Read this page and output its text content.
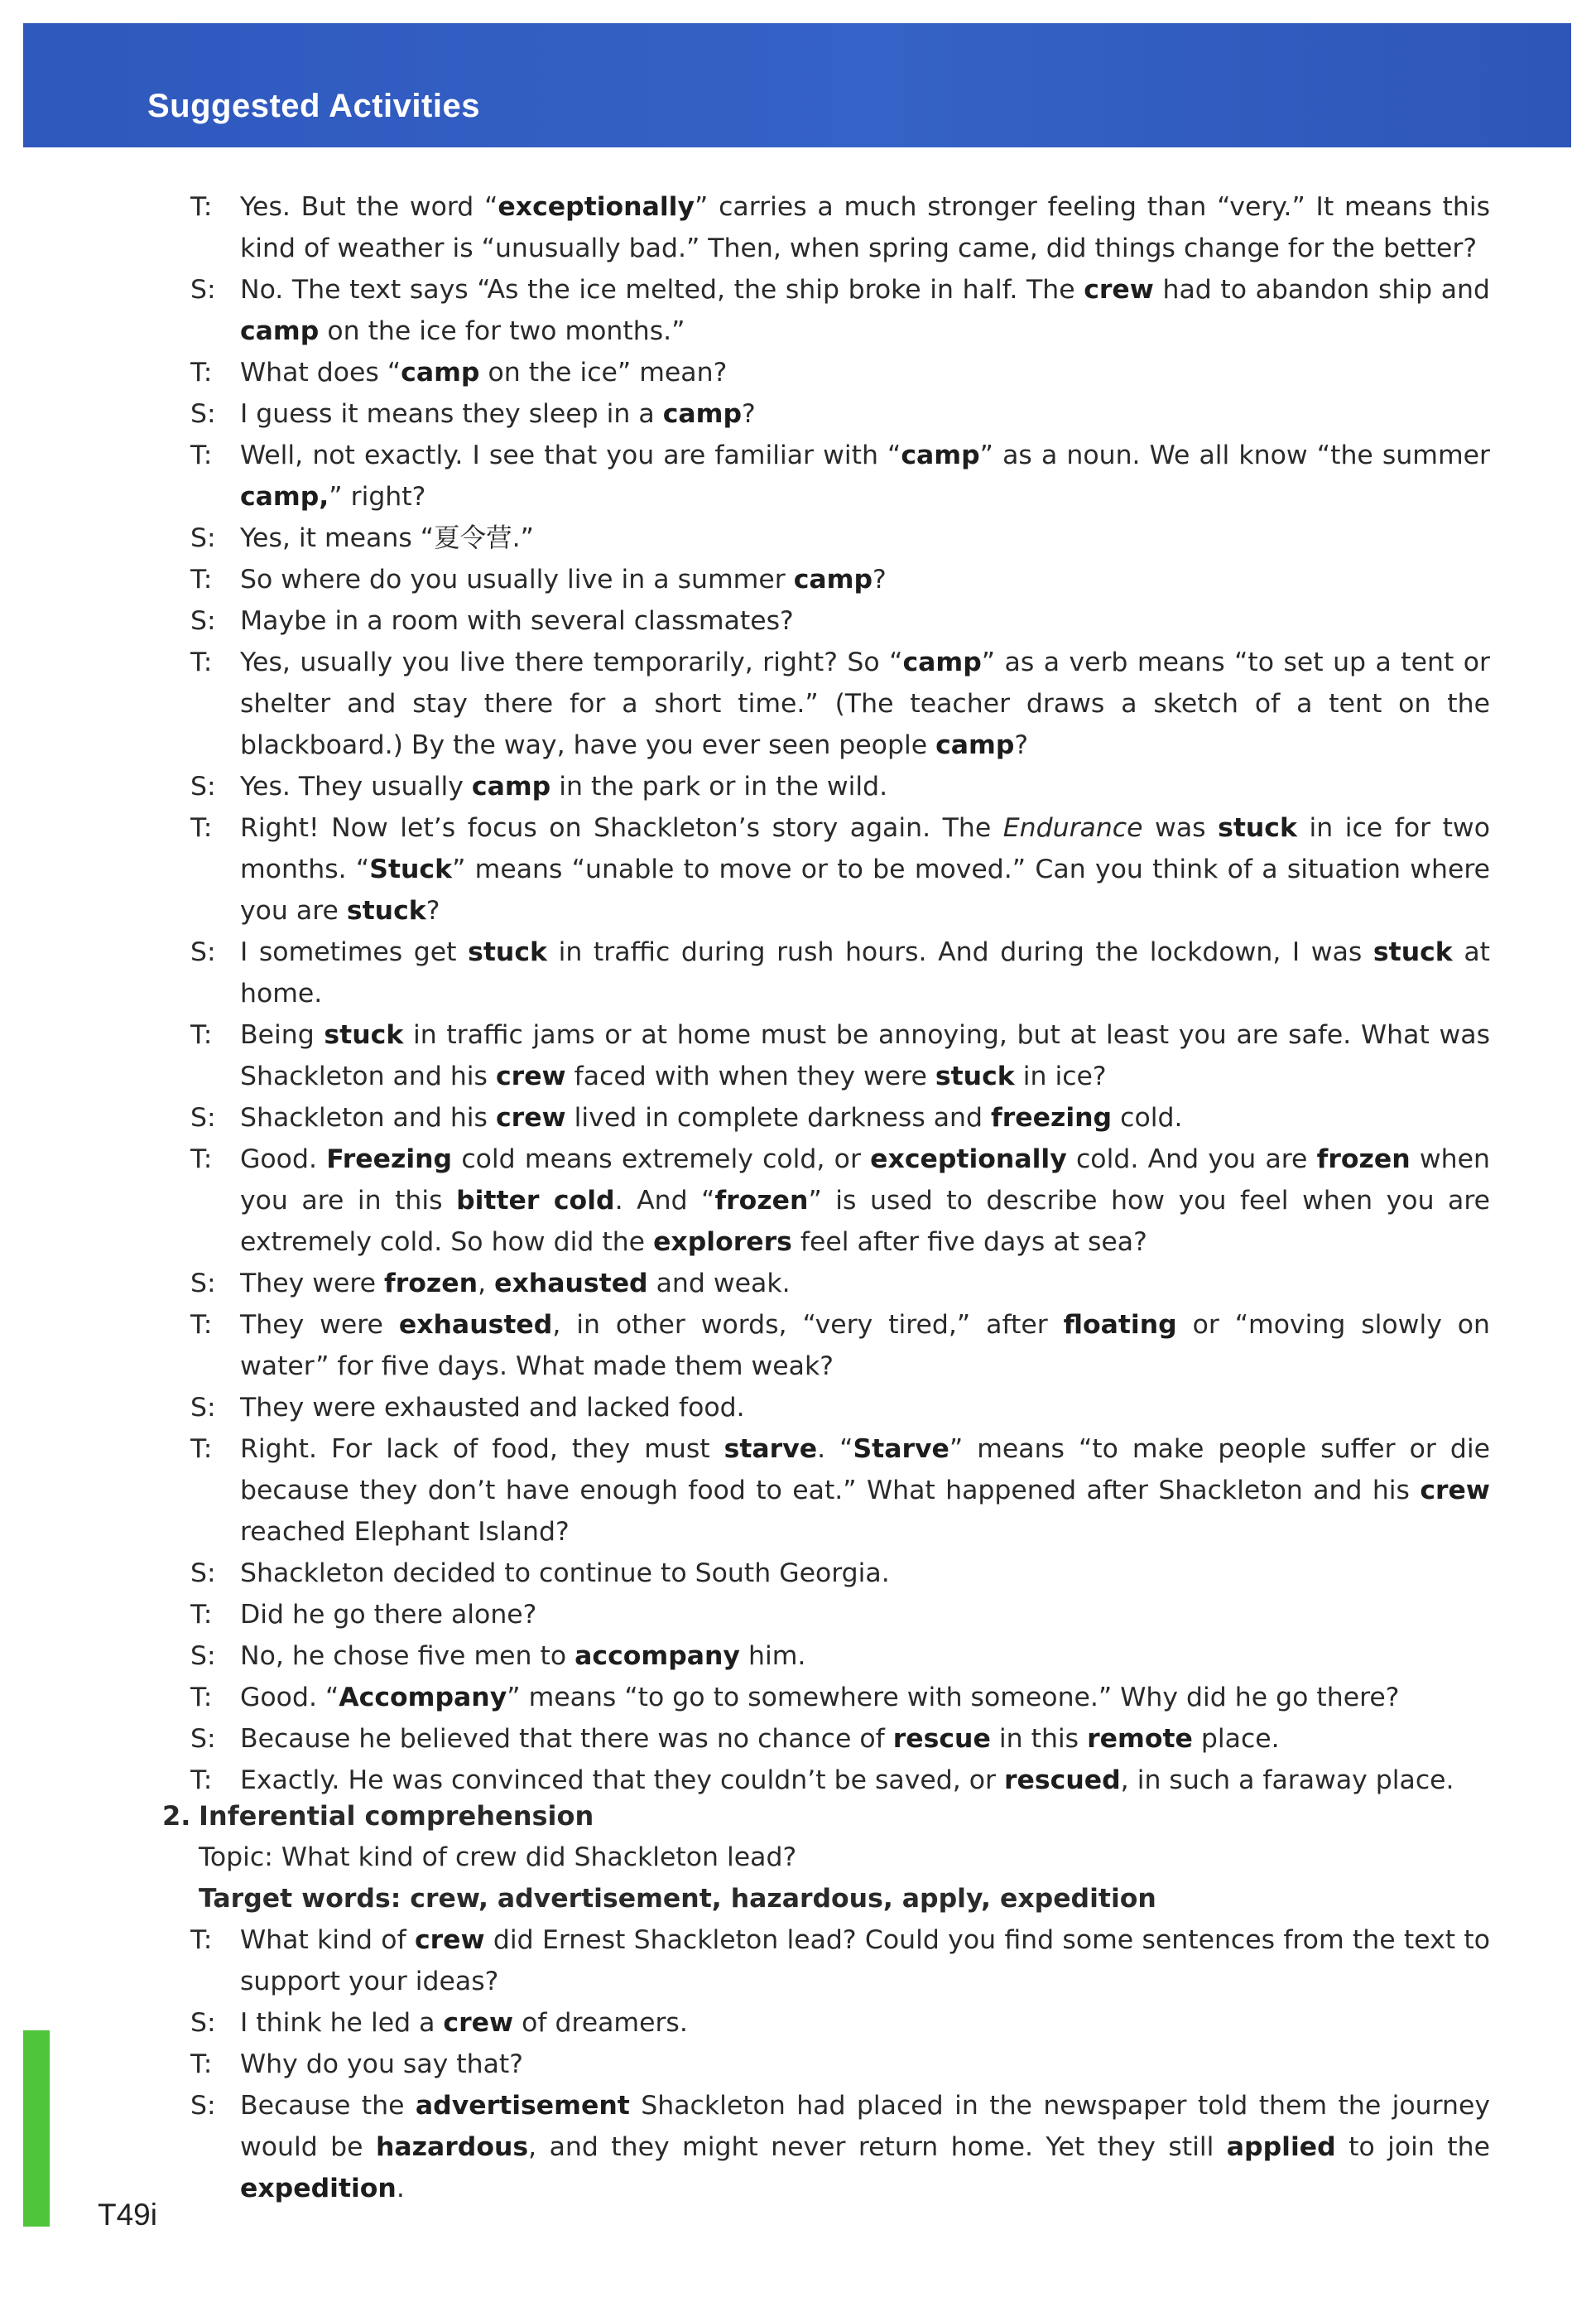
Suggested Activities
T: Yes. But the word “exceptionally” carries a much stronger feeling than “very.” It means this kind of weather is “unusually bad.” Then, when spring came, did things change for the better?
S: No. The text says “As the ice melted, the ship broke in half. The crew had to abandon ship and camp on the ice for two months.”
T: What does “camp on the ice” mean?
S: I guess it means they sleep in a camp?
T: Well, not exactly. I see that you are familiar with “camp” as a noun. We all know “the summer camp,” right?
S: Yes, it means “夏令营.”
T: So where do you usually live in a summer camp?
S: Maybe in a room with several classmates?
T: Yes, usually you live there temporarily, right? So “camp” as a verb means “to set up a tent or shelter and stay there for a short time.” (The teacher draws a sketch of a tent on the blackboard.) By the way, have you ever seen people camp?
S: Yes. They usually camp in the park or in the wild.
T: Right! Now let’s focus on Shackleton’s story again. The Endurance was stuck in ice for two months. “Stuck” means “unable to move or to be moved.” Can you think of a situation where you are stuck?
S: I sometimes get stuck in traffic during rush hours. And during the lockdown, I was stuck at home.
T: Being stuck in traffic jams or at home must be annoying, but at least you are safe. What was Shackleton and his crew faced with when they were stuck in ice?
S: Shackleton and his crew lived in complete darkness and freezing cold.
T: Good. Freezing cold means extremely cold, or exceptionally cold. And you are frozen when you are in this bitter cold. And “frozen” is used to describe how you feel when you are extremely cold. So how did the explorers feel after five days at sea?
S: They were frozen, exhausted and weak.
T: They were exhausted, in other words, “very tired,” after floating or “moving slowly on water” for five days. What made them weak?
S: They were exhausted and lacked food.
T: Right. For lack of food, they must starve. “Starve” means “to make people suffer or die because they don’t have enough food to eat.” What happened after Shackleton and his crew reached Elephant Island?
S: Shackleton decided to continue to South Georgia.
T: Did he go there alone?
S: No, he chose five men to accompany him.
T: Good. “Accompany” means “to go to somewhere with someone.” Why did he go there?
S: Because he believed that there was no chance of rescue in this remote place.
T: Exactly. He was convinced that they couldn’t be saved, or rescued, in such a faraway place.
2. Inferential comprehension
Topic: What kind of crew did Shackleton lead?
Target words: crew, advertisement, hazardous, apply, expedition
T: What kind of crew did Ernest Shackleton lead? Could you find some sentences from the text to support your ideas?
S: I think he led a crew of dreamers.
T: Why do you say that?
S: Because the advertisement Shackleton had placed in the newspaper told them the journey would be hazardous, and they might never return home. Yet they still applied to join the expedition.
T49i
